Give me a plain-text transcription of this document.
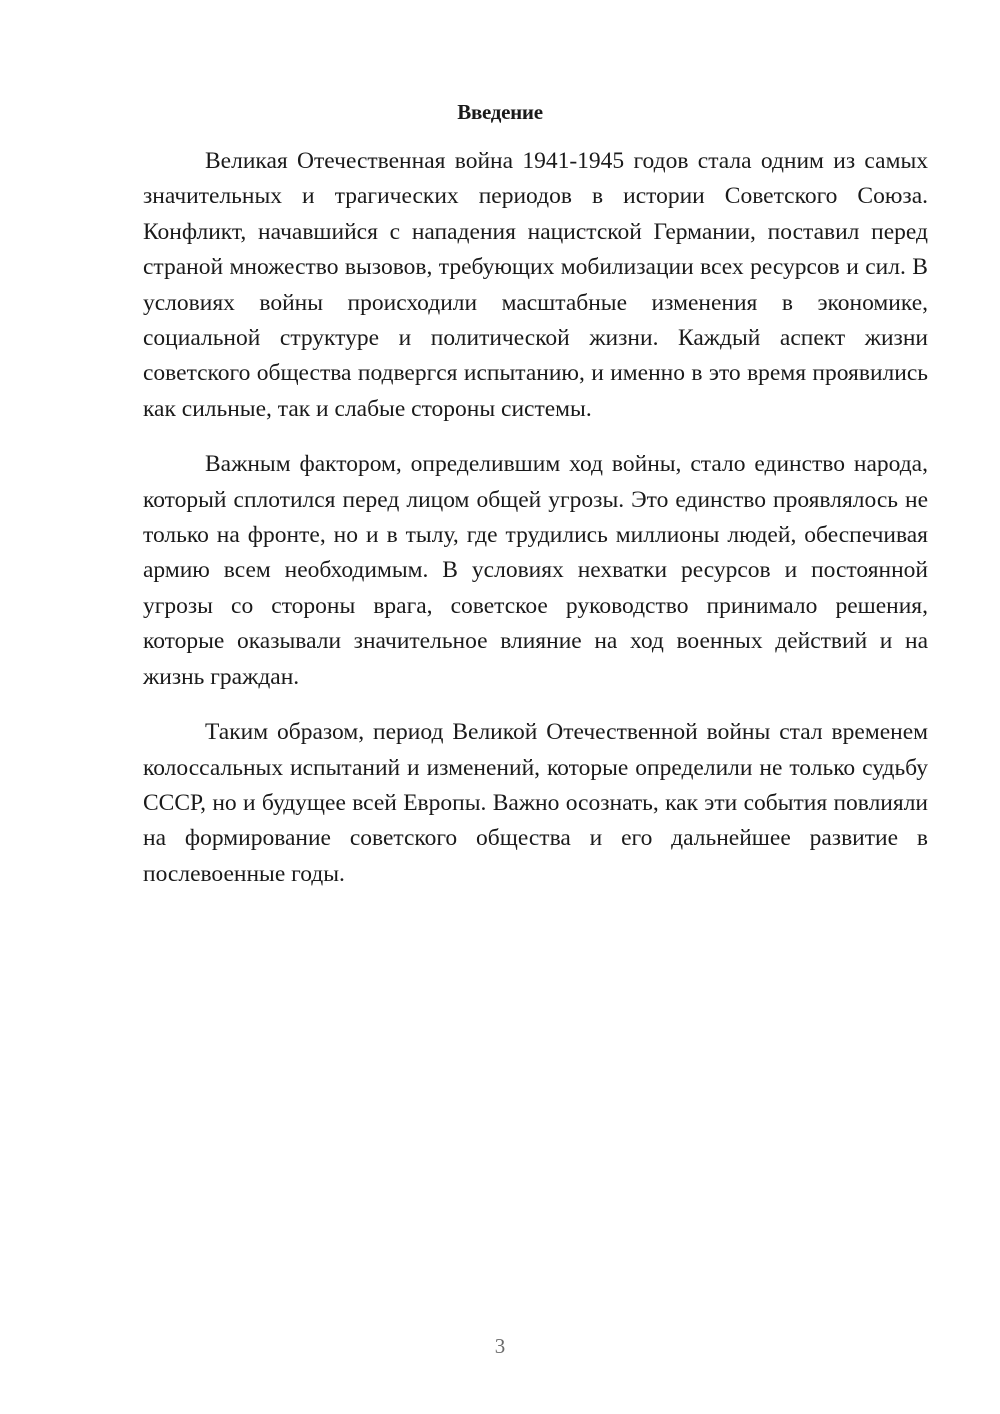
Введение

Великая Отечественная война 1941-1945 годов стала одним из самых значительных и трагических периодов в истории Советского Союза. Конфликт, начавшийся с нападения нацистской Германии, поставил перед страной множество вызовов, требующих мобилизации всех ресурсов и сил. В условиях войны происходили масштабные изменения в экономике, социальной структуре и политической жизни. Каждый аспект жизни советского общества подвергся испытанию, и именно в это время проявились как сильные, так и слабые стороны системы.

Важным фактором, определившим ход войны, стало единство народа, который сплотился перед лицом общей угрозы. Это единство проявлялось не только на фронте, но и в тылу, где трудились миллионы людей, обеспечивая армию всем необходимым. В условиях нехватки ресурсов и постоянной угрозы со стороны врага, советское руководство принимало решения, которые оказывали значительное влияние на ход военных действий и на жизнь граждан.

Таким образом, период Великой Отечественной войны стал временем колоссальных испытаний и изменений, которые определили не только судьбу СССР, но и будущее всей Европы. Важно осознать, как эти события повлияли на формирование советского общества и его дальнейшее развитие в послевоенные годы.

3
